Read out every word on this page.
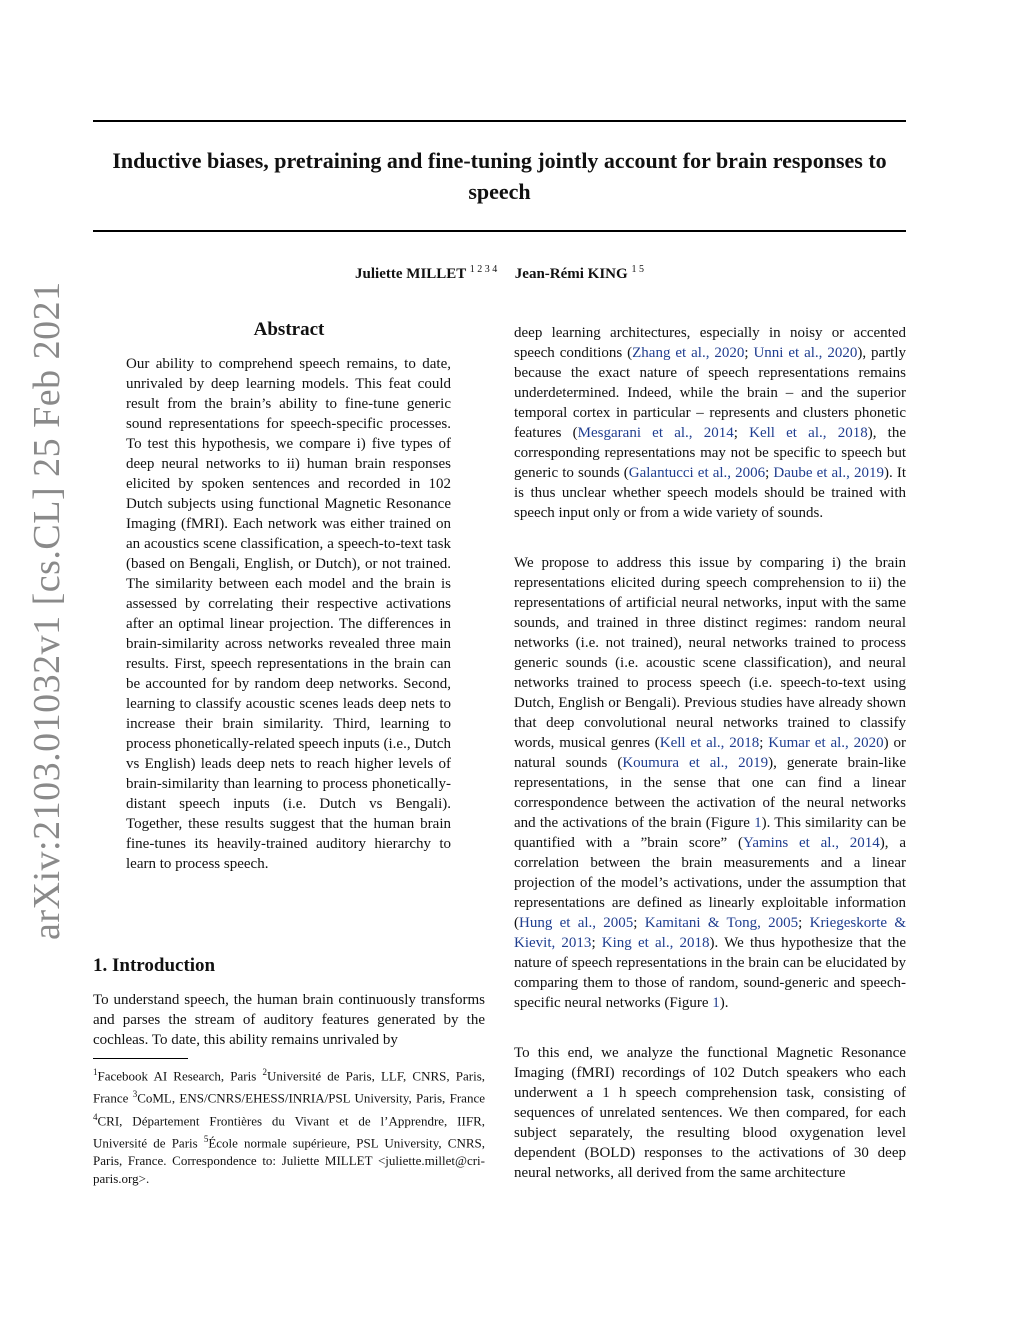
Inductive biases, pretraining and fine-tuning jointly account for brain responses to speech
Juliette MILLET $^{1 2 3 4}$ Jean-Rémi KING $^{1 5}$
arXiv:2103.01032v1 [cs.CL] 25 Feb 2021	Abstract

Our ability to comprehend speech remains, to date, unrivaled by deep learning models. This feat could result from the brain’s ability to fine-tune generic sound representations for speech-specific processes. To test this hypothesis, we compare i) five types of deep neural networks to ii) human brain responses elicited by spoken sentences and recorded in 102 Dutch subjects using functional Magnetic Resonance Imaging (fMRI). Each network was either trained on an acoustics scene classification, a speech-to-text task (based on Bengali, English, or Dutch), or not trained. The similarity between each model and the brain is assessed by correlating their respective activations after an optimal linear projection. The differences in brain-similarity across networks revealed three main results. First, speech representations in the brain can be accounted for by random deep networks. Second, learning to classify acoustic scenes leads deep nets to increase their brain similarity. Third, learning to process phonetically-related speech inputs (i.e., Dutch vs English) leads deep nets to reach higher levels of brain-similarity than learning to process phonetically-distant speech inputs (i.e. Dutch vs Bengali). Together, these results suggest that the human brain fine-tunes its heavily-trained auditory hierarchy to learn to process speech.

1. Introduction

To understand speech, the human brain continuously transforms and parses the stream of auditory features generated by the cochleas. To date, this ability remains unrivaled by

$^1$Facebook AI Research, Paris $^2$Université de Paris, LLF, CNRS, Paris, France $^3$CoML, ENS/CNRS/EHESS/INRIA/PSL University, Paris, France $^4$CRI, Département Frontières du Vivant et de l’Apprendre, IIFR, Université de Paris $^5$École normale supérieure, PSL University, CNRS, Paris, France. Correspondence to: Juliette MILLET <juliette.millet@cri-paris.org>.

deep learning architectures, especially in noisy or accented speech conditions (Zhang et al., 2020; Unni et al., 2020), partly because the exact nature of speech representations remains underdetermined. Indeed, while the brain – and the superior temporal cortex in particular – represents and clusters phonetic features (Mesgarani et al., 2014; Kell et al., 2018), the corresponding representations may not be specific to speech but generic to sounds (Galantucci et al., 2006; Daube et al., 2019). It is thus unclear whether speech models should be trained with speech input only or from a wide variety of sounds.

We propose to address this issue by comparing i) the brain representations elicited during speech comprehension to ii) the representations of artificial neural networks, input with the same sounds, and trained in three distinct regimes: random neural networks (i.e. not trained), neural networks trained to process generic sounds (i.e. acoustic scene classification), and neural networks trained to process speech (i.e. speech-to-text using Dutch, English or Bengali). Previous studies have already shown that deep convolutional neural networks trained to classify words, musical genres (Kell et al., 2018; Kumar et al., 2020) or natural sounds (Koumura et al., 2019), generate brain-like representations, in the sense that one can find a linear correspondence between the activation of the neural networks and the activations of the brain (Figure 1). This similarity can be quantified with a ”brain score” (Yamins et al., 2014), a correlation between the brain measurements and a linear projection of the model’s activations, under the assumption that representations are defined as linearly exploitable information (Hung et al., 2005; Kamitani & Tong, 2005; Kriegeskorte & Kievit, 2013; King et al., 2018). We thus hypothesize that the nature of speech representations in the brain can be elucidated by comparing them to those of random, sound-generic and speech-specific neural networks (Figure 1).

To this end, we analyze the functional Magnetic Resonance Imaging (fMRI) recordings of 102 Dutch speakers who each underwent a 1 h speech comprehension task, consisting of sequences of unrelated sentences. We then compared, for each subject separately, the resulting blood oxygenation level dependent (BOLD) responses to the activations of 30 deep neural networks, all derived from the same architecture
